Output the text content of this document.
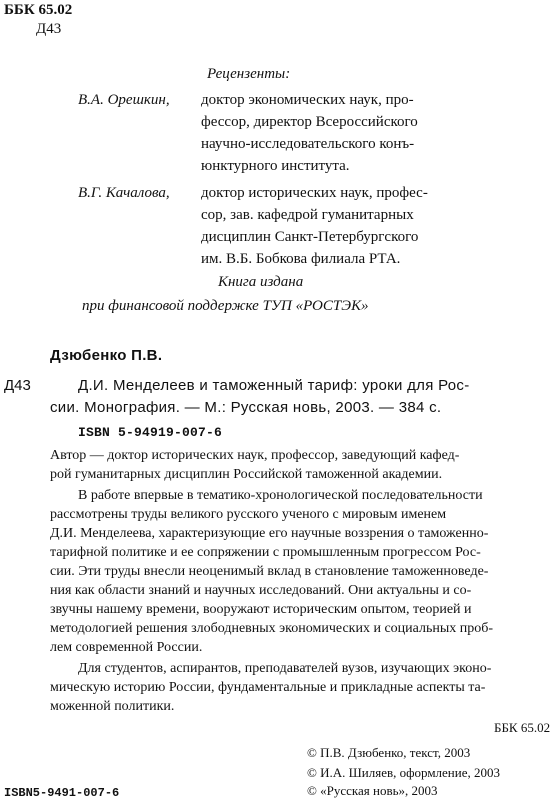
ББК 65.02
Д43
Рецензенты:
В.А. Орешкин, доктор экономических наук, про-
фессор, директор Всероссийского
научно-исследовательского конъ-
юнктурного института.
В.Г. Качалова, доктор исторических наук, профес-
сор, зав. кафедрой гуманитарных
дисциплин Санкт-Петербургского
им. В.Б. Бобкова филиала РТА.
Книга издана
при финансовой поддержке ТУП «РОСТЭК»
Дзюбенко П.В.
Д43	Д.И. Менделеев и таможенный тариф: уроки для Рос-
сии. Монография. — М.: Русская новь, 2003. — 384 с.
ISBN 5-94919-007-6
Автор — доктор исторических наук, профессор, заведующий кафед-
рой гуманитарных дисциплин Российской таможенной академии.
В работе впервые в тематико-хронологической последовательности
рассмотрены труды великого русского ученого с мировым именем
Д.И. Менделеева, характеризующие его научные воззрения о таможенно-
тарифной политике и ее сопряжении с промышленным прогрессом Рос-
сии. Эти труды внесли неоценимый вклад в становление таможенноведе-
ния как области знаний и научных исследований. Они актуальны и со-
звучны нашему времени, вооружают историческим опытом, теорией и
методологией решения злободневных экономических и социальных проб-
лем современной России.
Для студентов, аспирантов, преподавателей вузов, изучающих эконо-
мическую историю России, фундаментальные и прикладные аспекты та-
моженной политики.
ББК 65.02
© П.В. Дзюбенко, текст, 2003
© И.А. Шиляев, оформление, 2003
© «Русская новь», 2003
ISBN5-9491-007-6
